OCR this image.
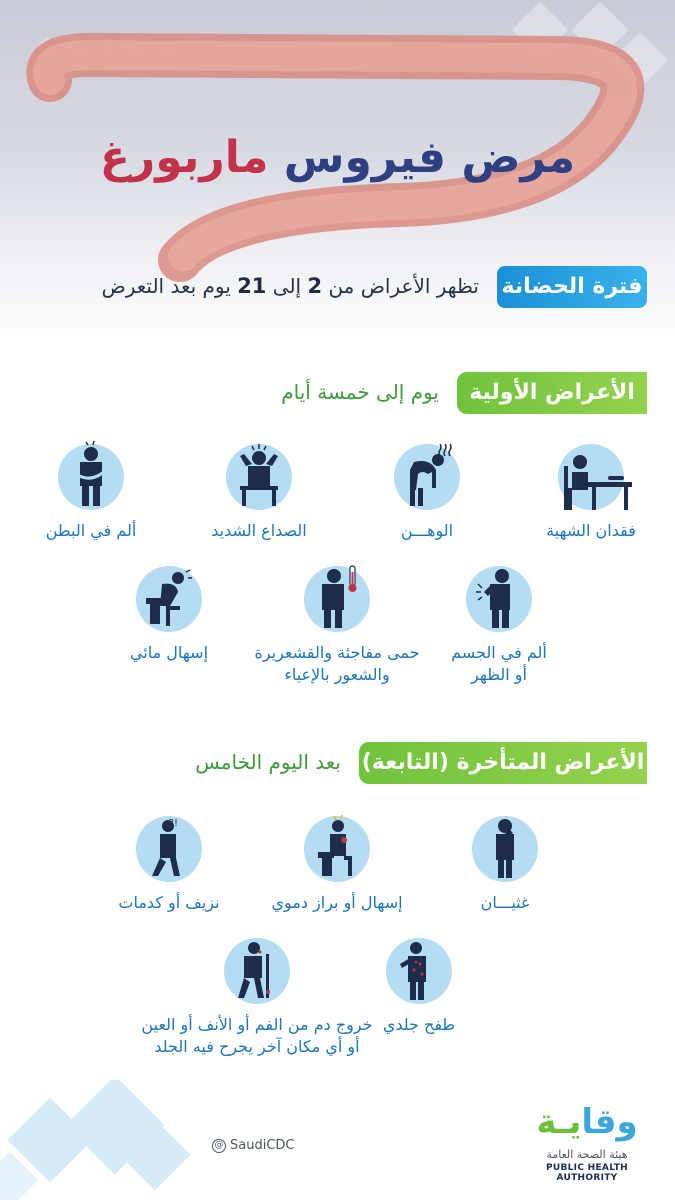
مرض فيروس ماربورغ
فترة الحضانة
تظهر الأعراض من 2 إلى 21 يوم بعد التعرض
الأعراض الأولية
يوم إلى خمسة أيام
فقدان الشهية
الوهـــن
الصداع الشديد
ألم في البطن
ألم في الجسم
أو الظهر
حمى مفاجئة والقشعريرة
والشعور بالإعياء
إسهال مائي
الأعراض المتأخرة (التابعة)
بعد اليوم الخامس
غثيـــان
إسهال أو براز دموي
!?
نزيف أو كدمات
طفح جلدي
خروج دم من الفم أو الأنف أو العين
أو أي مكان آخر يجرح فيه الجلد
@ SaudiCDC
وقايـة
هيئة الصحة العامة
PUBLIC HEALTH AUTHORITY
